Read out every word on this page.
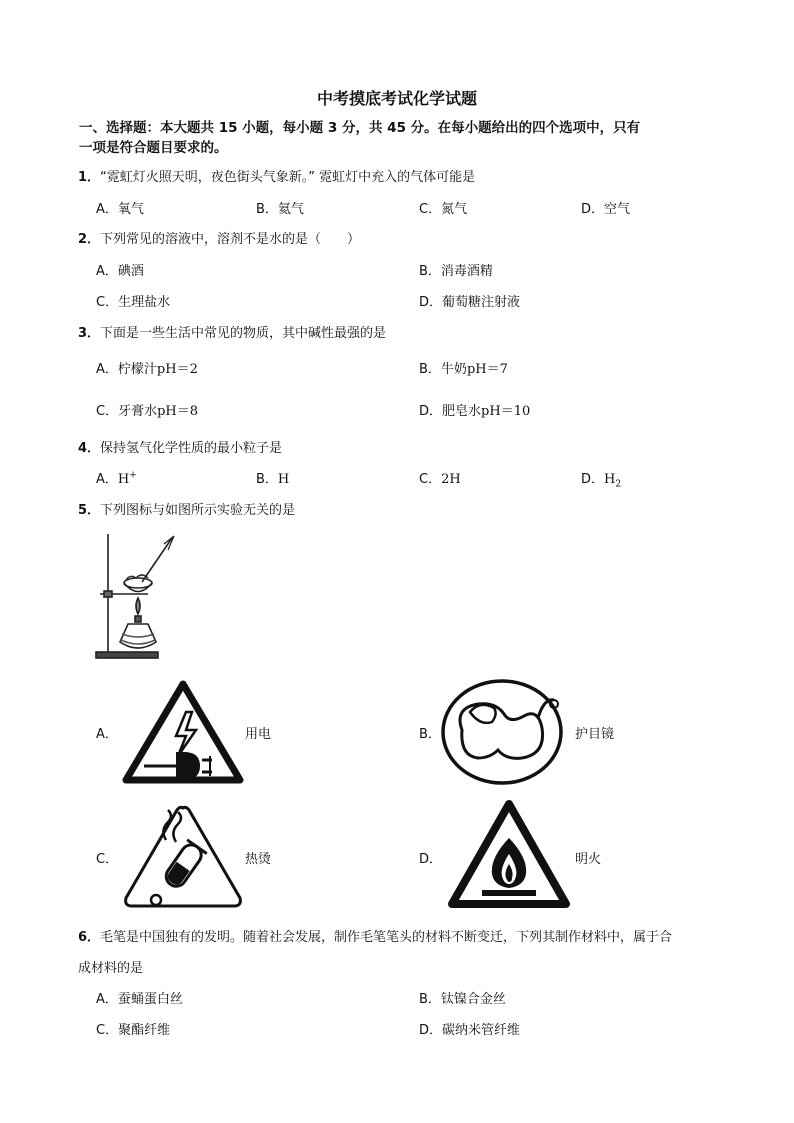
中考摸底考试化学试题
一、选择题：本大题共 15 小题，每小题 3 分，共 45 分。在每小题给出的四个选项中，只有
一项是符合题目要求的。
1．“霓虹灯火照天明，夜色街头气象新。” 霓虹灯中充入的气体可能是
A．氧气	B．氦气	C．氮气	D．空气
2．下列常见的溶液中，溶剂不是水的是（　　）
A．碘酒	B．消毒酒精
C．生理盐水	D．葡萄糖注射液
3．下面是一些生活中常见的物质，其中碱性最强的是
A．柠檬汁pH＝2	B．牛奶pH＝7
C．牙膏水pH＝8	D．肥皂水pH＝10
4．保持氢气化学性质的最小粒子是
A．H+	B．H	C．2H	D．$H_2$
5．下列图标与如图所示实验无关的是
A．	用电	B．	护目镜
C．	热烫	D．	明火
6．毛笔是中国独有的发明。随着社会发展，制作毛笔笔头的材料不断变迁，下列其制作材料中，属于合
成材料的是
A．蚕蛹蛋白丝	B．钛镍合金丝
C．聚酯纤维	D．碳纳米管纤维
